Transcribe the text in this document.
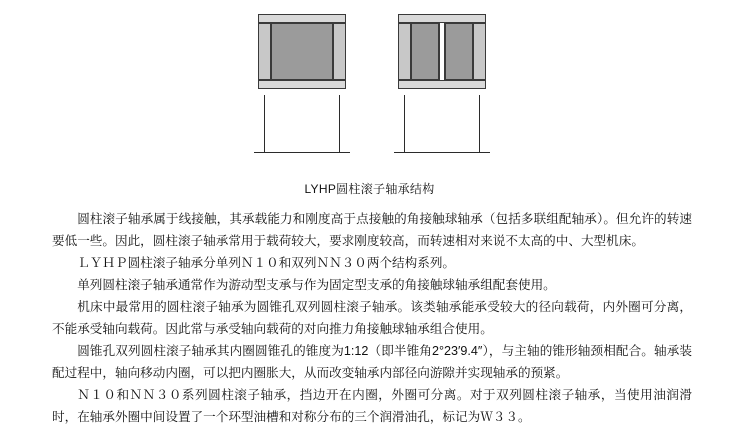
LYHP圆柱滚子轴承结构

圆柱滚子轴承属于线接触，其承载能力和刚度高于点接触的角接触球轴承（包括多联组配轴承）。但允许的转速要低一些。因此，圆柱滚子轴承常用于载荷较大，要求刚度较高，而转速相对来说不太高的中、大型机床。

ＬＹＨＰ圆柱滚子轴承分单列Ｎ１０和双列ＮＮ３０两个结构系列。

单列圆柱滚子轴承通常作为游动型支承与作为固定型支承的角接触球轴承组配套使用。

机床中最常用的圆柱滚子轴承为圆锥孔双列圆柱滚子轴承。该类轴承能承受较大的径向载荷，内外圈可分离，不能承受轴向载荷。因此常与承受轴向载荷的对向推力角接触球轴承组合使用。

圆锥孔双列圆柱滚子轴承其内圈圆锥孔的锥度为1:12（即半锥角2°23′9.4″），与主轴的锥形轴颈相配合。轴承装配过程中，轴向移动内圈，可以把内圈胀大，从而改变轴承内部径向游隙并实现轴承的预紧。

Ｎ１０和ＮＮ３０系列圆柱滚子轴承，挡边开在内圈，外圈可分离。对于双列圆柱滚子轴承，当使用油润滑时，在轴承外圈中间设置了一个环型油槽和对称分布的三个润滑油孔，标记为Ｗ３３。
